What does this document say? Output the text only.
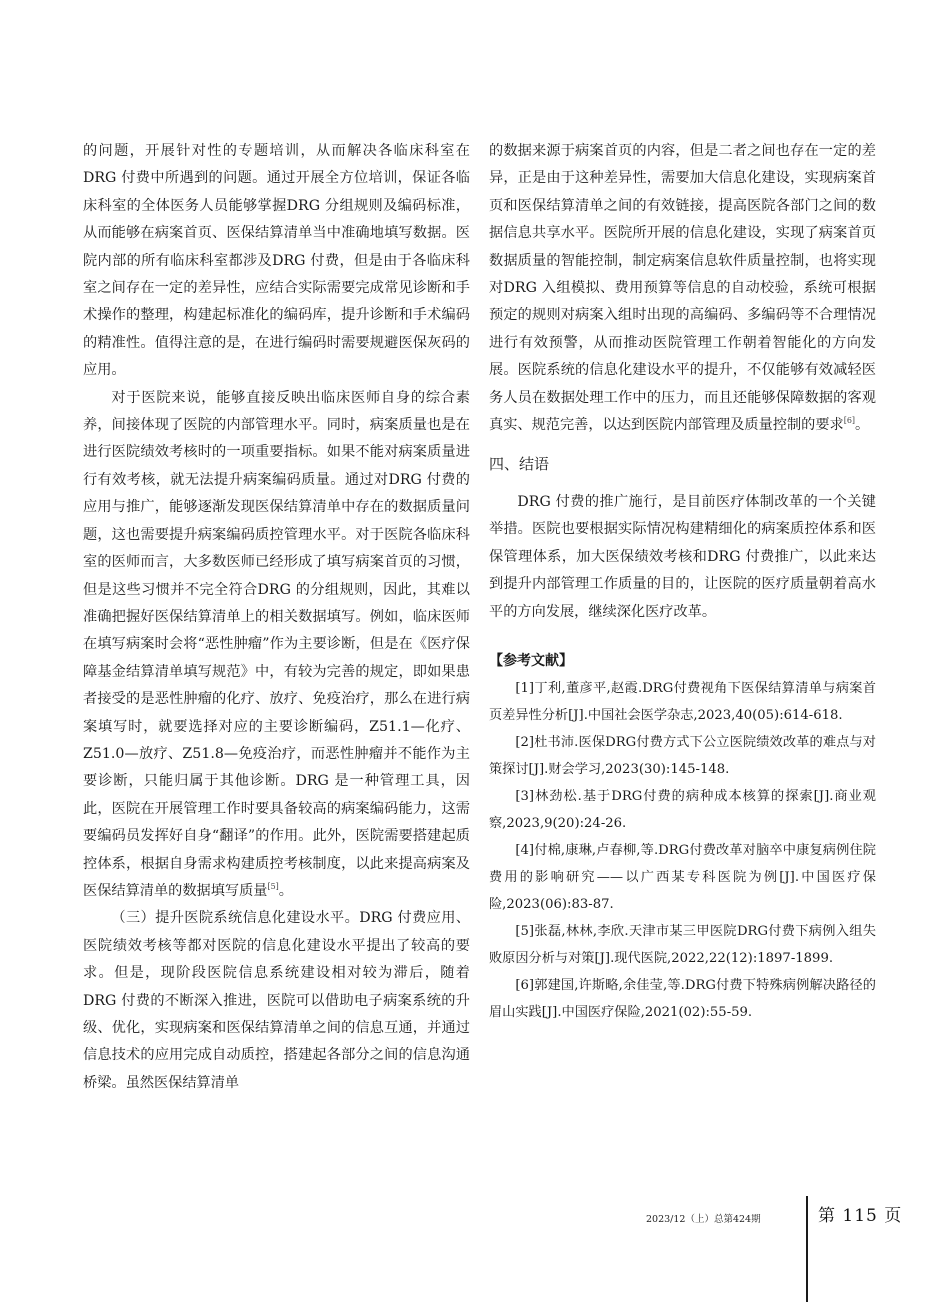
的问题，开展针对性的专题培训，从而解决各临床科室在DRG 付费中所遇到的问题。通过开展全方位培训，保证各临床科室的全体医务人员能够掌握DRG 分组规则及编码标准，从而能够在病案首页、医保结算清单当中准确地填写数据。医院内部的所有临床科室都涉及DRG 付费，但是由于各临床科室之间存在一定的差异性，应结合实际需要完成常见诊断和手术操作的整理，构建起标准化的编码库，提升诊断和手术编码的精准性。值得注意的是，在进行编码时需要规避医保灰码的应用。

对于医院来说，能够直接反映出临床医师自身的综合素养，间接体现了医院的内部管理水平。同时，病案质量也是在进行医院绩效考核时的一项重要指标。如果不能对病案质量进行有效考核，就无法提升病案编码质量。通过对DRG 付费的应用与推广，能够逐渐发现医保结算清单中存在的数据质量问题，这也需要提升病案编码质控管理水平。对于医院各临床科室的医师而言，大多数医师已经形成了填写病案首页的习惯，但是这些习惯并不完全符合DRG 的分组规则，因此，其难以准确把握好医保结算清单上的相关数据填写。例如，临床医师在填写病案时会将“恶性肿瘤”作为主要诊断，但是在《医疗保障基金结算清单填写规范》中，有较为完善的规定，即如果患者接受的是恶性肿瘤的化疗、放疗、免疫治疗，那么在进行病案填写时，就要选择对应的主要诊断编码，Z51.1—化疗、Z51.0—放疗、Z51.8—免疫治疗，而恶性肿瘤并不能作为主要诊断，只能归属于其他诊断。DRG 是一种管理工具，因此，医院在开展管理工作时要具备较高的病案编码能力，这需要编码员发挥好自身“翻译”的作用。此外，医院需要搭建起质控体系，根据自身需求构建质控考核制度，以此来提高病案及医保结算清单的数据填写质量[5]。

（三）提升医院系统信息化建设水平。DRG 付费应用、医院绩效考核等都对医院的信息化建设水平提出了较高的要求。但是，现阶段医院信息系统建设相对较为滞后，随着DRG 付费的不断深入推进，医院可以借助电子病案系统的升级、优化，实现病案和医保结算清单之间的信息互通，并通过信息技术的应用完成自动质控，搭建起各部分之间的信息沟通桥梁。虽然医保结算清单

的数据来源于病案首页的内容，但是二者之间也存在一定的差异，正是由于这种差异性，需要加大信息化建设，实现病案首页和医保结算清单之间的有效链接，提高医院各部门之间的数据信息共享水平。医院所开展的信息化建设，实现了病案首页数据质量的智能控制，制定病案信息软件质量控制，也将实现对DRG 入组模拟、费用预算等信息的自动校验，系统可根据预定的规则对病案入组时出现的高编码、多编码等不合理情况进行有效预警，从而推动医院管理工作朝着智能化的方向发展。医院系统的信息化建设水平的提升，不仅能够有效减轻医务人员在数据处理工作中的压力，而且还能够保障数据的客观真实、规范完善，以达到医院内部管理及质量控制的要求[6]。

四、结语

DRG 付费的推广施行，是目前医疗体制改革的一个关键举措。医院也要根据实际情况构建精细化的病案质控体系和医保管理体系，加大医保绩效考核和DRG 付费推广，以此来达到提升内部管理工作质量的目的，让医院的医疗质量朝着高水平的方向发展，继续深化医疗改革。

【参考文献】

[1]丁利,董彦平,赵霞.DRG付费视角下医保结算清单与病案首页差异性分析[J].中国社会医学杂志,2023,40(05):614-618.

[2]杜书沛.医保DRG付费方式下公立医院绩效改革的难点与对策探讨[J].财会学习,2023(30):145-148.

[3]林劲松.基于DRG付费的病种成本核算的探索[J].商业观察,2023,9(20):24-26.

[4]付棉,康琳,卢春柳,等.DRG付费改革对脑卒中康复病例住院费用的影响研究——以广西某专科医院为例[J].中国医疗保险,2023(06):83-87.

[5]张磊,林林,李欣.天津市某三甲医院DRG付费下病例入组失败原因分析与对策[J].现代医院,2022,22(12):1897-1899.

[6]郭建国,许斯略,余佳莹,等.DRG付费下特殊病例解决路径的眉山实践[J].中国医疗保险,2021(02):55-59.

2023/12（上）总第424期	第 115 页
